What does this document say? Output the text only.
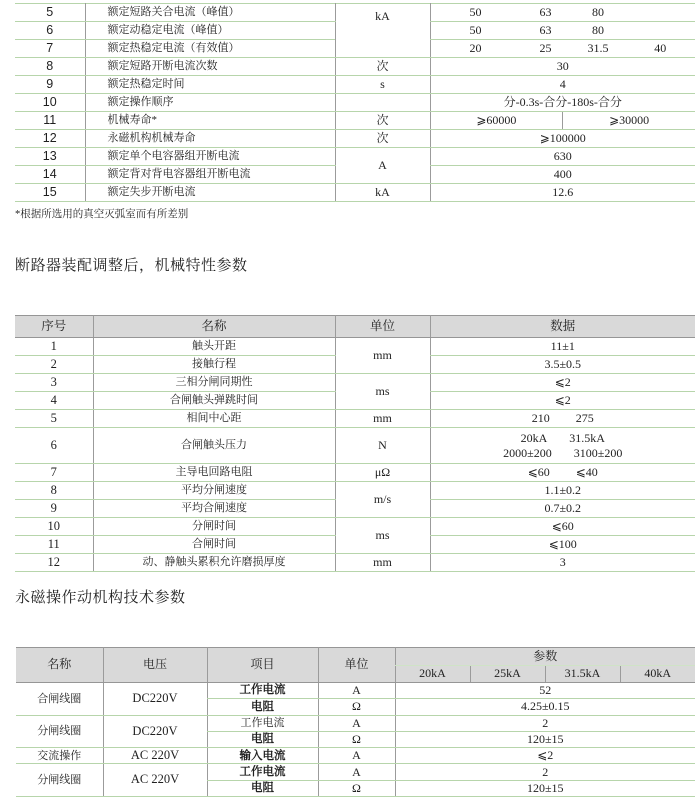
5	额定短路关合电流（峰值）	kA	50 63 80

6	额定动稳定电流（峰值）		50 63 80

7	额定热稳定电流（有效值）		20 25 31.5 40

8	额定短路开断电流次数	次	30
9	额定热稳定时间	s	4
10	额定操作顺序		分-0.3s-合分-180s-合分
11	机械寿命*	次	⩾60000 ⩾30000

12	永磁机构机械寿命	次	⩾100000
13	额定单个电容器组开断电流	A	630
14	额定背对背电容器组开断电流		400
15	额定失步开断电流	kA	12.6
*根据所选用的真空灭弧室而有所差别
断路器装配调整后，机械特性参数
序号	名称	单位	数据
1	触头开距	mm	11±1
2	接触行程		3.5±0.5
3	三相分闸同期性	ms	⩽2
4	合闸触头弹跳时间		⩽2
5	相间中心距	mm	210 275

6	合闸触头压力	N	20kA 31.5kA

2000±200 3100±200

7	主导电回路电阻	μΩ	⩽60 ⩽40

8	平均分闸速度	m/s	1.1±0.2
9	平均合闸速度		0.7±0.2
10	分闸时间	ms	⩽60
11	合闸时间		⩽100
12	动、静触头累积允许磨损厚度	mm	3
永磁操作动机构技术参数
名称	电压	项目	单位	参数			
				20kA	25kA	31.5kA	40kA
合闸线圈	DC220V	工作电流	A	52			
		电阻	Ω	4.25±0.15			
分闸线圈	DC220V	工作电流	A	2			
		电阻	Ω	120±15			
交流操作	AC 220V	输入电流	A	⩽2			
分闸线圈	AC 220V	工作电流	A	2			
		电阻	Ω	120±15			
